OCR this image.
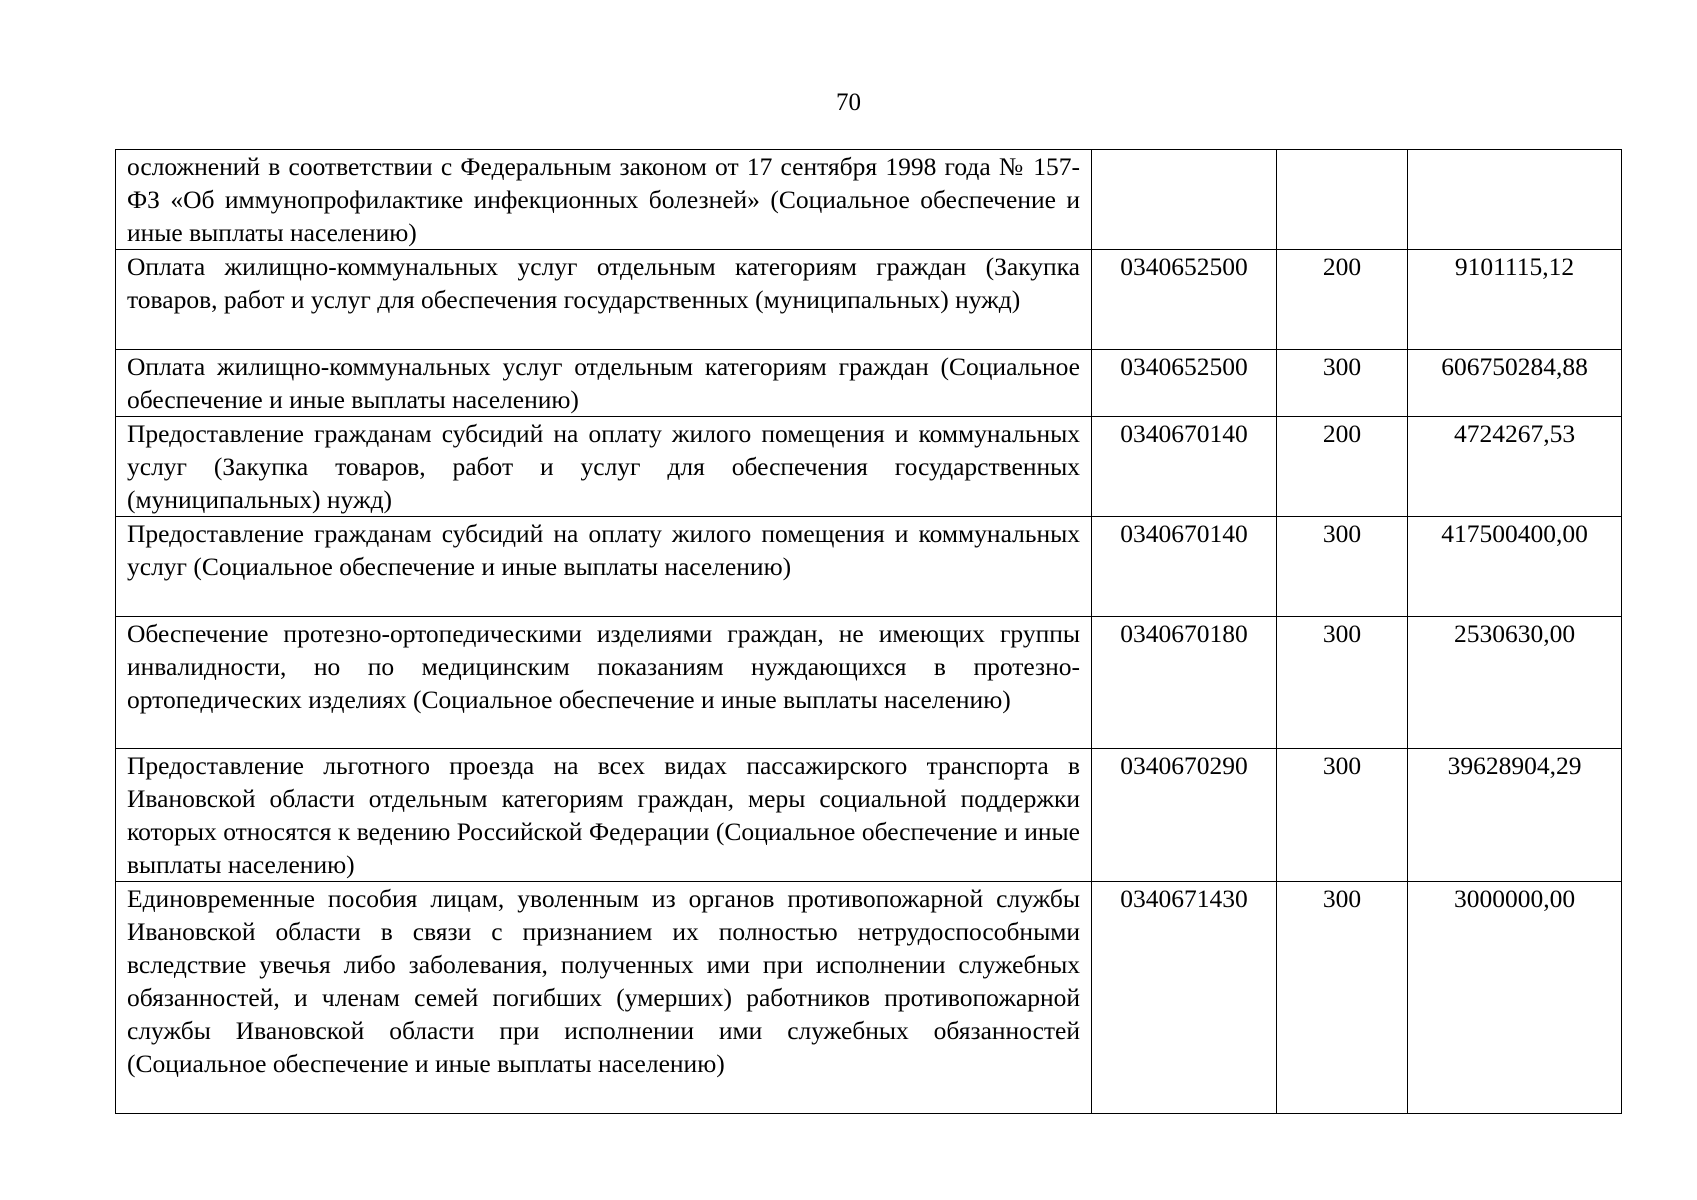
70
осложнений в соответствии с Федеральным законом от 17 сентября 1998 года № 157-ФЗ «Об иммунопрофилактике инфекционных болезней» (Социальное обеспечение и иные выплаты населению)			
Оплата жилищно-коммунальных услуг отдельным категориям граждан (Закупка товаров, работ и услуг для обеспечения государственных (муниципальных) нужд)	0340652500	200	9101115,12
Оплата жилищно-коммунальных услуг отдельным категориям граждан (Социальное обеспечение и иные выплаты населению)	0340652500	300	606750284,88
Предоставление гражданам субсидий на оплату жилого помещения и коммунальных услуг (Закупка товаров, работ и услуг для обеспечения государственных (муниципальных) нужд)	0340670140	200	4724267,53
Предоставление гражданам субсидий на оплату жилого помещения и коммунальных услуг (Социальное обеспечение и иные выплаты населению)	0340670140	300	417500400,00
Обеспечение протезно-ортопедическими изделиями граждан, не имеющих группы инвалидности, но по медицинским показаниям нуждающихся в протезно-ортопедических изделиях (Социальное обеспечение и иные выплаты населению)	0340670180	300	2530630,00
Предоставление льготного проезда на всех видах пассажирского транспорта в Ивановской области отдельным категориям граждан, меры социальной поддержки которых относятся к ведению Российской Федерации (Социальное обеспечение и иные выплаты населению)	0340670290	300	39628904,29
Единовременные пособия лицам, уволенным из органов противопожарной службы Ивановской области в связи с признанием их полностью нетрудоспособными вследствие увечья либо заболевания, полученных ими при исполнении служебных обязанностей, и членам семей погибших (умерших) работников противопожарной службы Ивановской области при исполнении ими служебных обязанностей (Социальное обеспечение и иные выплаты населению)	0340671430	300	3000000,00
